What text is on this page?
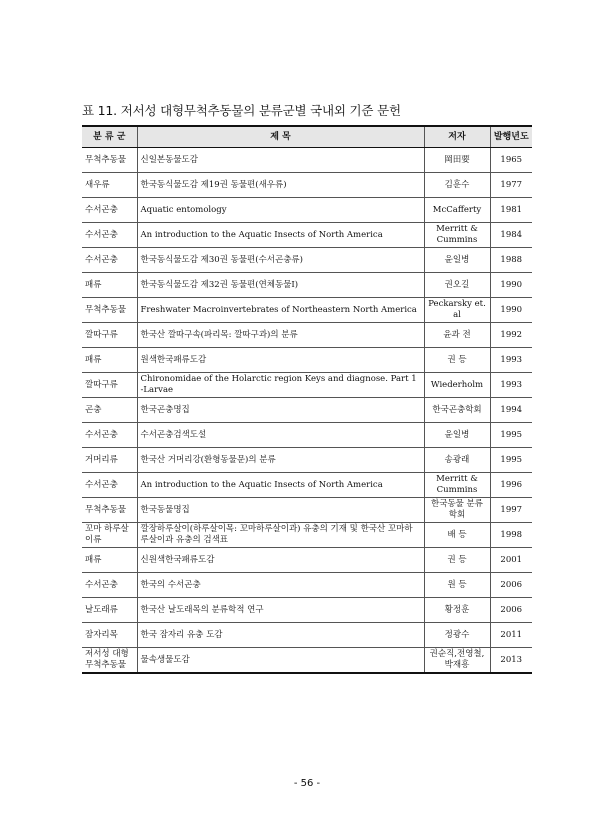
표 11. 저서성 대형무척추동물의 분류군별 국내외 기준 문헌
분 류 군	제 목	저자	발행년도
무척추동물	신일본동물도감	岡田要	1965
새우류	한국동식물도감 제19권 동물편(새우류)	김훈수	1977
수서곤충	Aquatic entomology	McCafferty	1981
수서곤충	An introduction to the Aquatic Insects of North America	Merritt & Cummins	1984
수서곤충	한국동식물도감 제30권 동물편(수서곤충류)	윤일병	1988
패류	한국동식물도감 제32권 동물편(연체동물Ⅰ)	권오길	1990
무척추동물	Freshwater Macroinvertebrates of Northeastern North America	Peckarsky et. al	1990
깔따구류	한국산 깔따구속(파리목: 깔따구과)의 분류	윤과 전	1992
패류	원색한국패류도감	권 등	1993
깔따구류	Chironomidae of the Holarctic region Keys and diagnose. Part 1 -Larvae	Wiederholm	1993
곤충	한국곤충명집	한국곤충학회	1994
수서곤충	수서곤충검색도설	윤일병	1995
거머리류	한국산 거머리강(환형동물문)의 분류	송광래	1995
수서곤충	An introduction to the Aquatic Insects of North America	Merritt & Cummins	1996
무척추동물	한국동물명집	한국동물 분류학회	1997
꼬마 하루살이류	깔장하루살이(하루살이목: 꼬마하루살이과) 유충의 기재 및 한국산 꼬마하루살이과 유충의 검색표	배 등	1998
패류	신원색한국패류도감	권 등	2001
수서곤충	한국의 수서곤충	원 등	2006
날도래류	한국산 날도래목의 분류학적 연구	황정훈	2006
잠자리목	한국 잠자리 유충 도감	정광수	2011
저서성 대형 무척추동물	물속생물도감	권순직,전영철, 박재흥	2013
- 56 -
